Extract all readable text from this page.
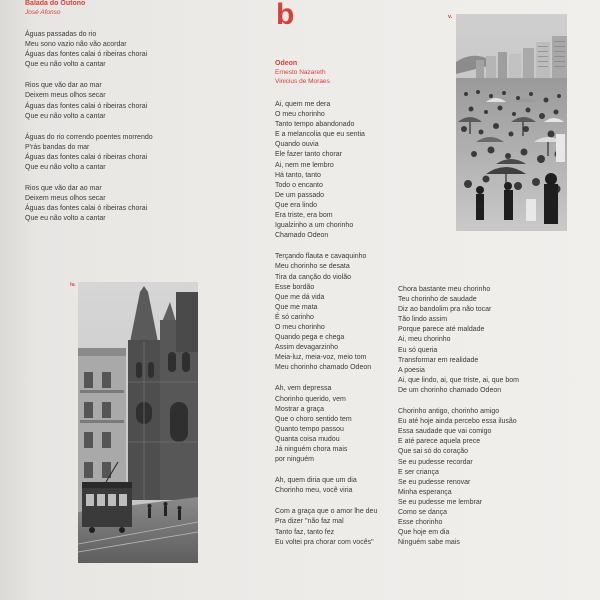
Balada do Outono
José Afonso
Águas passadas do rio
Meu sono vazio não vão acordar
Águas das fontes calai ó ribeiras chorai
Que eu não volto a cantar
Rios que vão dar ao mar
Deixem meus olhos secar
Águas das fontes calai ó ribeiras chorai
Que eu não volto a cantar
Águas do rio correndo poentes morrendo
P'rás bandas do mar
Águas das fontes calai ó ribeiras chorai
Que eu não volto a cantar
Rios que vão dar ao mar
Deixem meus olhos secar
Águas das fontes calai ó ribeiras chorai
Que eu não volto a cantar
b	v.
Odeon
Ernesto Nazareth
Vinicius de Moraes
Ai, quem me dera
O meu chorinho
Tanto tempo abandonado
E a melancolia que eu sentia
Quando ouvia
Ele fazer tanto chorar
Ai, nem me lembro
Há tanto, tanto
Todo o encanto
De um passado
Que era lindo
Era triste, era bom
Igualzinho a um chorinho
Chamado Odeon
Terçando flauta e cavaquinho
Meu chorinho se desata
Tira da canção do violão
Esse bordão
Que me dá vida
Que me mata
É só carinho
O meu chorinho
Quando pega e chega
Assim devagarzinho
Meia-luz, meia-voz, meio tom
Meu chorinho chamado Odeon
Ah, vem depressa
Chorinho querido, vem
Mostrar a graça
Que o choro sentido tem
Quanto tempo passou
Quanta coisa mudou
Já ninguém chora mais
por ninguém
Ah, quem diria que um dia
Chorinho meu, você viria
Com a graça que o amor lhe deu
Pra dizer "não faz mal
Tanto faz, tanto fez
Eu voltei pra chorar com vocês"
Chora bastante meu chorinho
Teu chorinho de saudade
Diz ao bandolim pra não tocar
Tão lindo assim
Porque parece até maldade
Ai, meu chorinho
Eu só queria
Transformar em realidade
A poesia
Ai, que lindo, ai, que triste, ai, que bom
De um chorinho chamado Odeon
Chorinho antigo, chorinho amigo
Eu até hoje ainda percebo essa ilusão
Essa saudade que vai comigo
E até parece aquela prece
Que sai só do coração
Se eu pudesse recordar
E ser criança
Se eu pudesse renovar
Minha esperança
Se eu pudesse me lembrar
Como se dança
Esse chorinho
Que hoje em dia
Ninguém sabe mais
iv.
